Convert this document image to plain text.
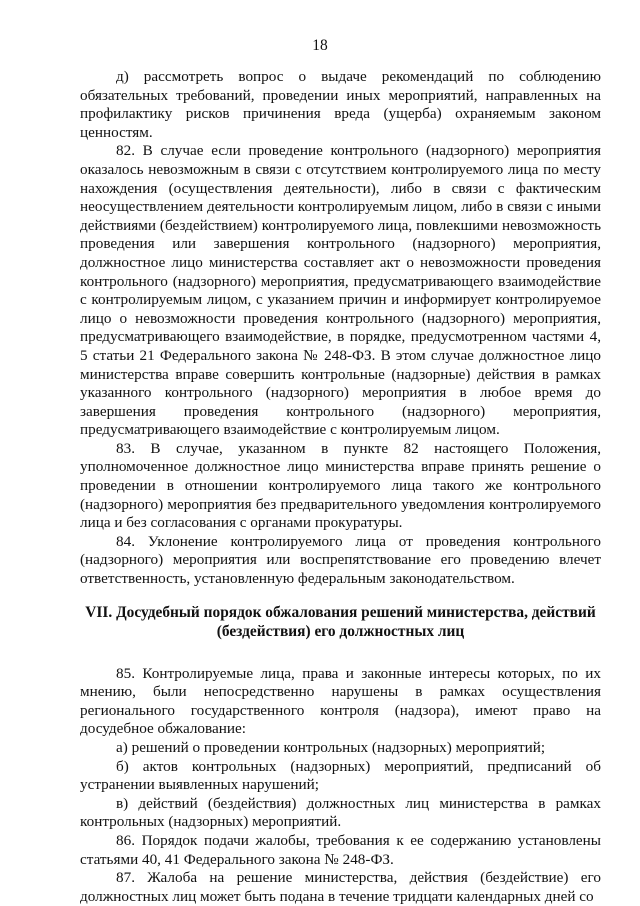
18

д) рассмотреть вопрос о выдаче рекомендаций по соблюдению обязательных требований, проведении иных мероприятий, направленных на профилактику рисков причинения вреда (ущерба) охраняемым законом ценностям.

82. В случае если проведение контрольного (надзорного) мероприятия оказалось невозможным в связи с отсутствием контролируемого лица по месту нахождения (осуществления деятельности), либо в связи с фактическим неосуществлением деятельности контролируемым лицом, либо в связи с иными действиями (бездействием) контролируемого лица, повлекшими невозможность проведения или завершения контрольного (надзорного) мероприятия, должностное лицо министерства составляет акт о невозможности проведения контрольного (надзорного) мероприятия, предусматривающего взаимодействие с контролируемым лицом, с указанием причин и информирует контролируемое лицо о невозможности проведения контрольного (надзорного) мероприятия, предусматривающего взаимодействие, в порядке, предусмотренном частями 4, 5 статьи 21 Федерального закона № 248-ФЗ. В этом случае должностное лицо министерства вправе совершить контрольные (надзорные) действия в рамках указанного контрольного (надзорного) мероприятия в любое время до завершения проведения контрольного (надзорного) мероприятия, предусматривающего взаимодействие с контролируемым лицом.

83. В случае, указанном в пункте 82 настоящего Положения, уполномоченное должностное лицо министерства вправе принять решение о проведении в отношении контролируемого лица такого же контрольного (надзорного) мероприятия без предварительного уведомления контролируемого лица и без согласования с органами прокуратуры.

84. Уклонение контролируемого лица от проведения контрольного (надзорного) мероприятия или воспрепятствование его проведению влечет ответственность, установленную федеральным законодательством.

VII. Досудебный порядок обжалования решений министерства, действий
(бездействия) его должностных лиц

85. Контролируемые лица, права и законные интересы которых, по их мнению, были непосредственно нарушены в рамках осуществления регионального государственного контроля (надзора), имеют право на досудебное обжалование:

а) решений о проведении контрольных (надзорных) мероприятий;

б) актов контрольных (надзорных) мероприятий, предписаний об устранении выявленных нарушений;

в) действий (бездействия) должностных лиц министерства в рамках контрольных (надзорных) мероприятий.

86. Порядок подачи жалобы, требования к ее содержанию установлены статьями 40, 41 Федерального закона № 248-ФЗ.

87. Жалоба на решение министерства, действия (бездействие) его должностных лиц может быть подана в течение тридцати календарных дней со
